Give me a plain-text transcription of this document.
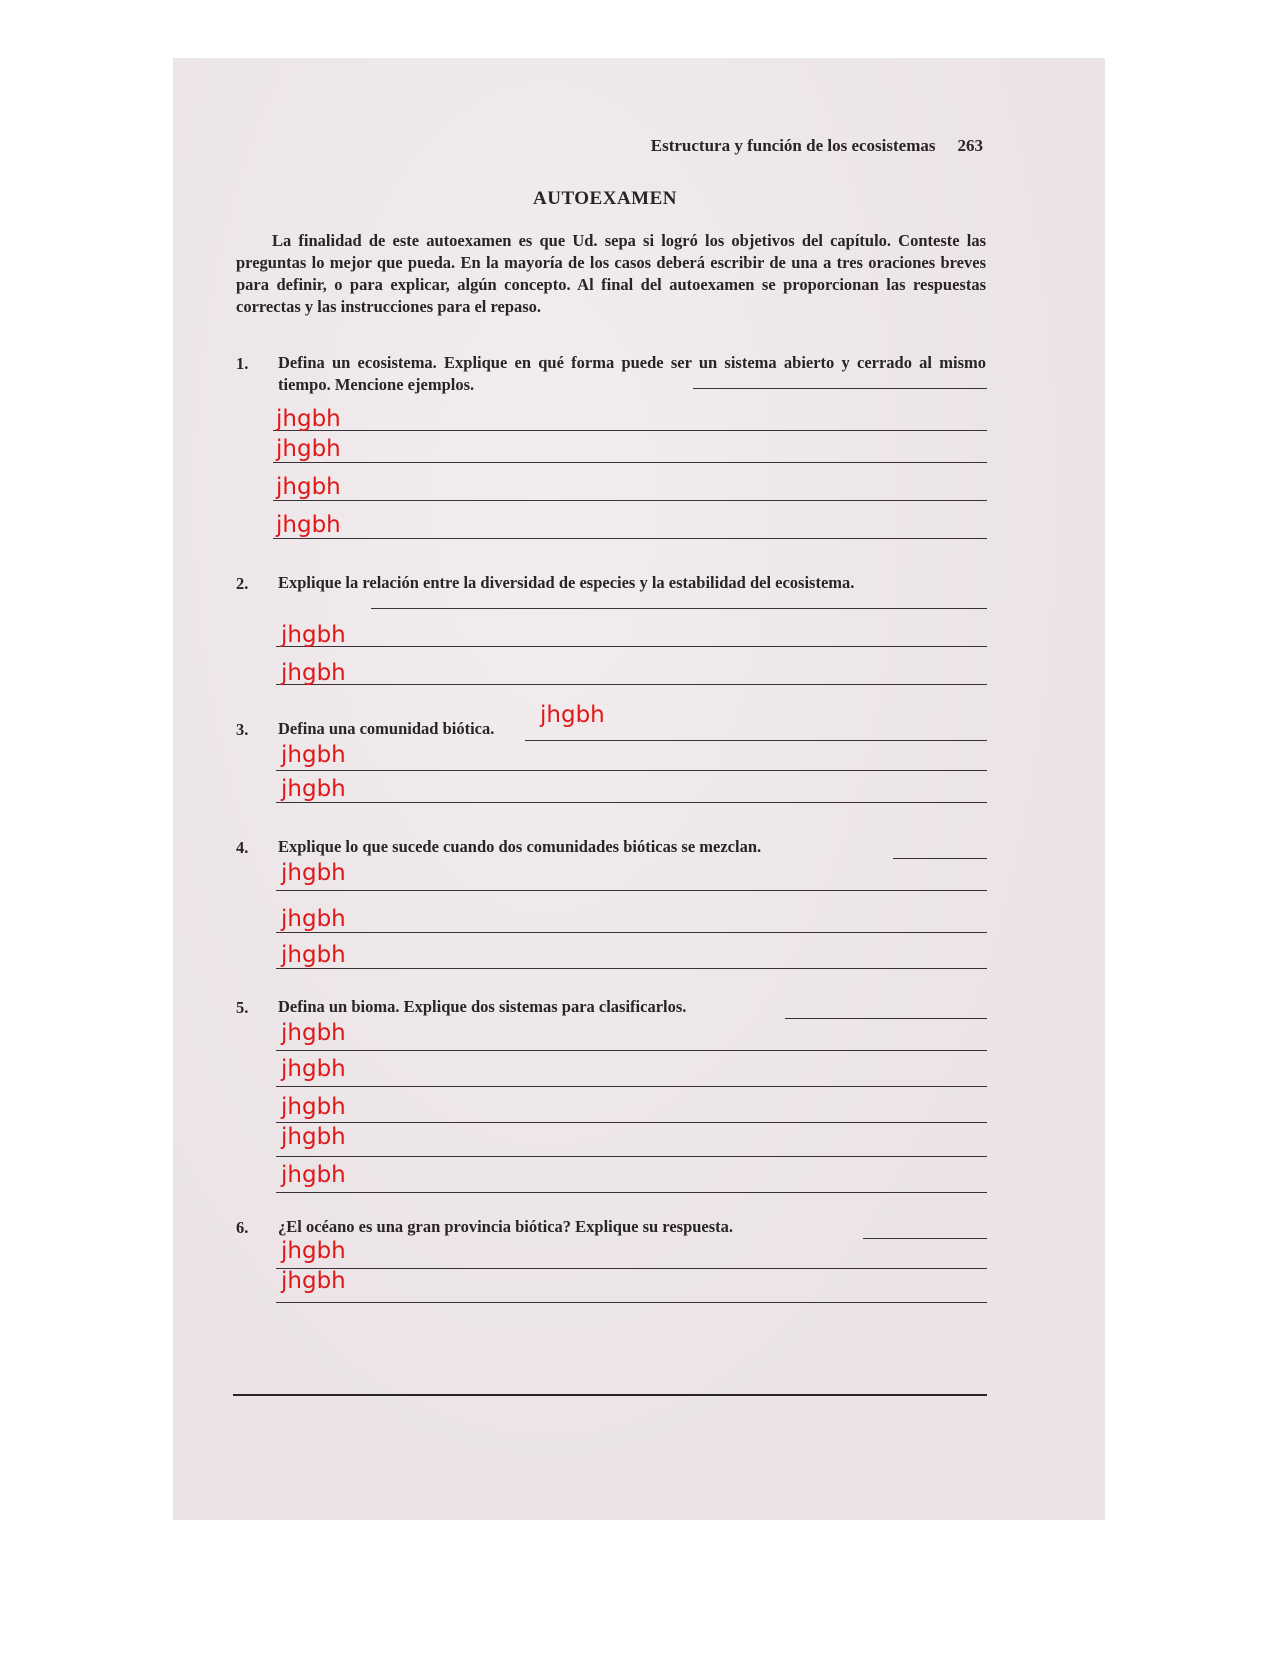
Estructura y función de los ecosistemas 263
AUTOEXAMEN
La finalidad de este autoexamen es que Ud. sepa si logró los objetivos del capítulo. Conteste las preguntas lo mejor que pueda. En la mayoría de los casos deberá escribir de una a tres oraciones breves para definir, o para explicar, algún concepto. Al final del autoexamen se proporcionan las respuestas correctas y las instrucciones para el repaso.
1. Defina un ecosistema. Explique en qué forma puede ser un sistema abierto y cerrado al mismo tiempo. Mencione ejemplos.
jhgbh
jhgbh
jhgbh
jhgbh
2. Explique la relación entre la diversidad de especies y la estabilidad del ecosistema.
jhgbh
jhgbh
3. Defina una comunidad biótica.
jhgbh
jhgbh
jhgbh
4. Explique lo que sucede cuando dos comunidades bióticas se mezclan.
jhgbh
jhgbh
jhgbh
5. Defina un bioma. Explique dos sistemas para clasificarlos.
jhgbh
jhgbh
jhgbh
jhgbh
jhgbh
6. ¿El océano es una gran provincia biótica? Explique su respuesta.
jhgbh
jhgbh
